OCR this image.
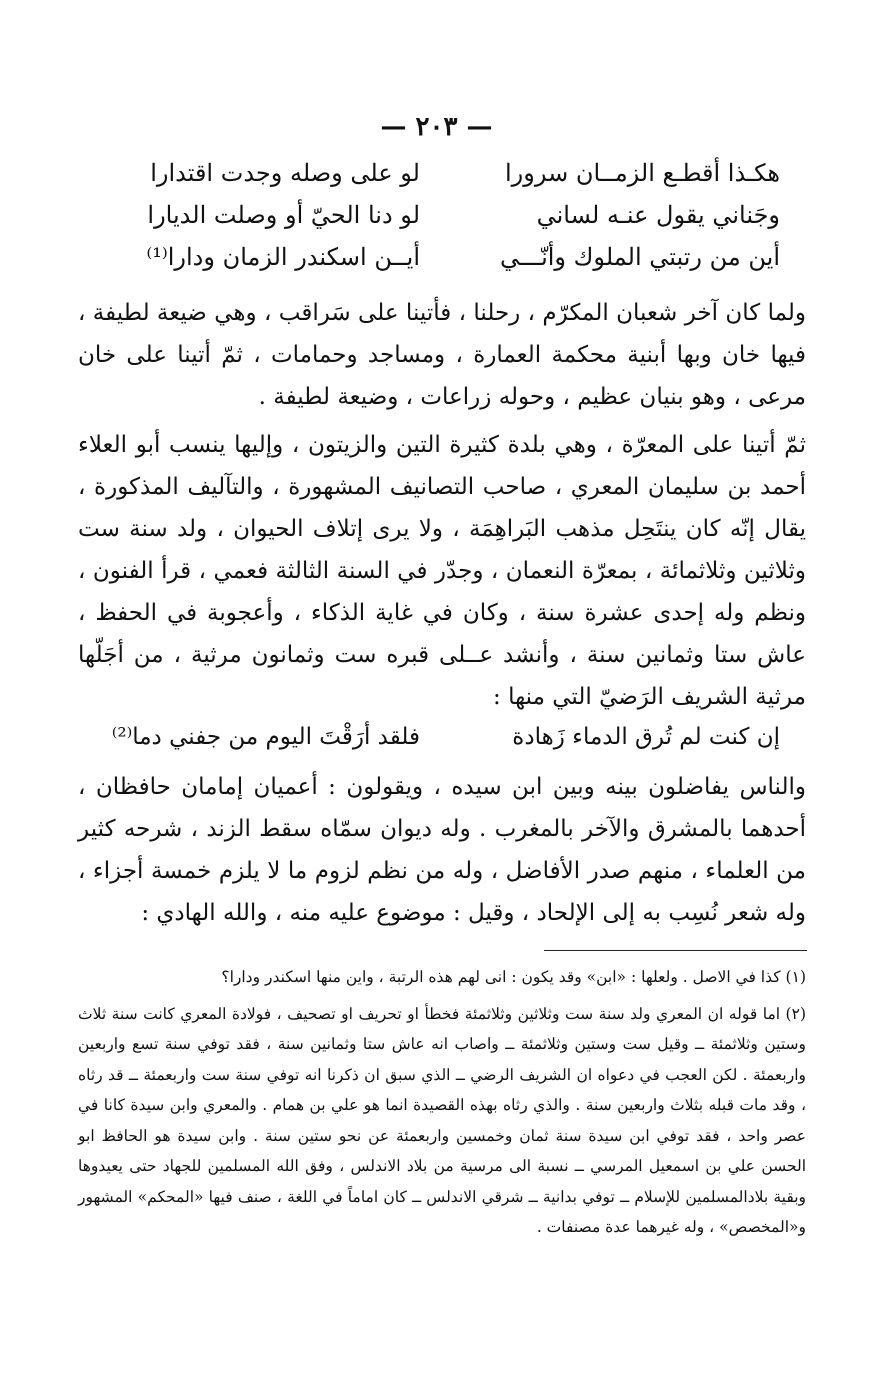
— ٢٠٣ —
هكـذا أقطـع الزمــان سرورا
لو على وصله وجدت اقتدارا
وجَناني يقول عنـه لساني
لو دنا الحيّ أو وصلت الديارا
أين من رتبتي الملوك وأنّـــي
أيــن اسكندر الزمان ودارا⁽¹⁾

ولما كان آخر شعبان المكرّم ، رحلنا ، فأتينا على سَراقب ، وهي ضيعة لطيفة ، فيها خان وبها أبنية محكمة العمارة ، ومساجد وحمامات ، ثمّ أتينا على خان مرعى ، وهو بنيان عظيم ، وحوله زراعات ، وضيعة لطيفة .

ثمّ أتينا على المعرّة ، وهي بلدة كثيرة التين والزيتون ، وإليها ينسب أبو العلاء أحمد بن سليمان المعري ، صاحب التصانيف المشهورة ، والتآليف المذكورة ، يقال إنّه كان ينتَحِل مذهب البَراهِمَة ، ولا يرى إتلاف الحيوان ، ولد سنة ست وثلاثين وثلاثمائة ، بمعرّة النعمان ، وجدّر في السنة الثالثة فعمي ، قرأ الفنون ، ونظم وله إحدى عشرة سنة ، وكان في غاية الذكاء ، وأعجوبة في الحفظ ، عاش ستا وثمانين سنة ، وأنشد عــلى قبره ست وثمانون مرثية ، من أجَلّها مرثية الشريف الرَضيّ التي منها :

إن كنت لم تُرق الدماء زَهادة
فلقد أرَقْتَ اليوم من جفني دما⁽²⁾

والناس يفاضلون بينه وبين ابن سيده ، ويقولون : أعميان إمامان حافظان ، أحدهما بالمشرق والآخر بالمغرب . وله ديوان سمّاه سقط الزند ، شرحه كثير من العلماء ، منهم صدر الأفاضل ، وله من نظم لزوم ما لا يلزم خمسة أجزاء ، وله شعر نُسِب به إلى الإلحاد ، وقيل : موضوع عليه منه ، والله الهادي :

(١) كذا في الاصل . ولعلها : «ابن» وقد يكون : انى لهم هذه الرتبة ، واين منها اسكندر ودارا؟

(٢) اما قوله ان المعري ولد سنة ست وثلاثين وثلاثمئة فخطأ او تحريف او تصحيف ، فولادة المعري كانت سنة ثلاث وستين وثلاثمئة ــ وقيل ست وستين وثلاثمئة ــ واصاب انه عاش ستا وثمانين سنة ، فقد توفي سنة تسع واربعين واربعمئة . لكن العجب في دعواه ان الشريف الرضي ــ الذي سبق ان ذكرنا انه توفي سنة ست واربعمئة ــ قد رثاه ، وقد مات قبله بثلاث واربعين سنة . والذي رثاه بهذه القصيدة انما هو علي بن همام . والمعري وابن سيدة كانا في عصر واحد ، فقد توفي ابن سيدة سنة ثمان وخمسين واربعمئة عن نحو ستين سنة . وابن سيدة هو الحافظ ابو الحسن علي بن اسمعيل المرسي ــ نسبة الى مرسية من بلاد الاندلس ، وفق الله المسلمين للجهاد حتى يعيدوها وبقية بلادالمسلمين للإسلام ــ توفي بدانية ــ شرقي الاندلس ــ كان اماماً في اللغة ، صنف فيها «المحكم» المشهور و«المخصص» ، وله غيرهما عدة مصنفات .
